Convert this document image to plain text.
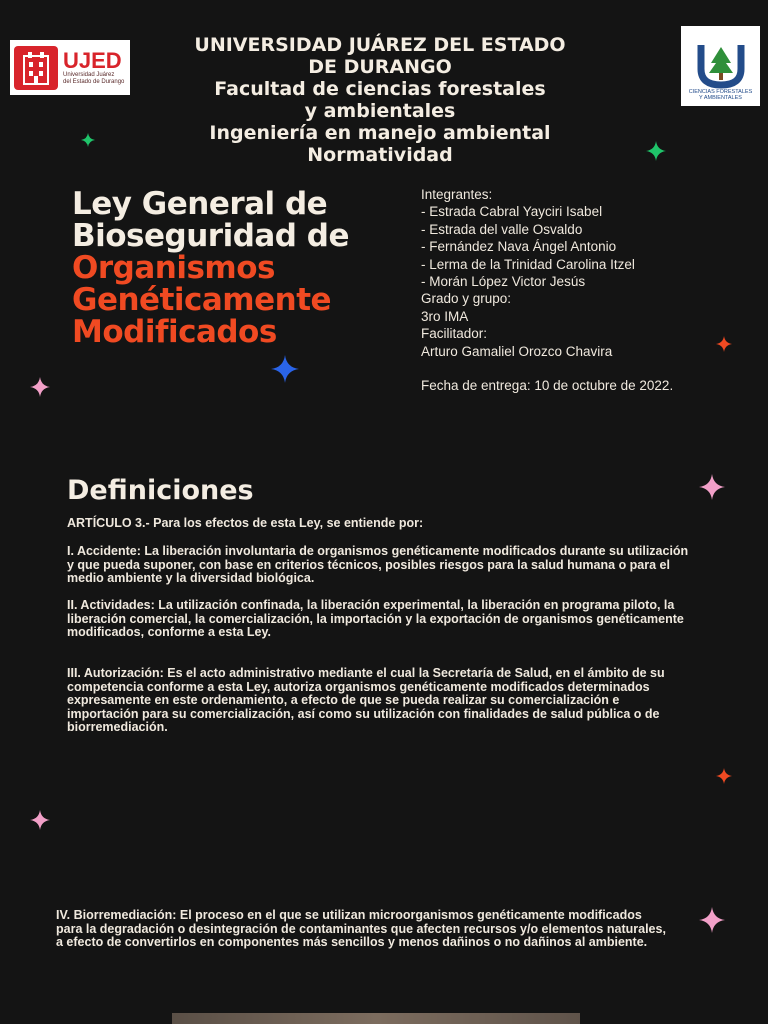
UJED
Universidad Juárez
del Estado de Durango
CIENCIAS FORESTALES
Y AMBIENTALES
UNIVERSIDAD JUÁREZ DEL ESTADO
DE DURANGO
Facultad de ciencias forestales
y ambientales
Ingeniería en manejo ambiental
Normatividad
Ley General de
Bioseguridad de
Organismos
Genéticamente
Modificados
Integrantes:
- Estrada Cabral Yayciri Isabel
- Estrada del valle Osvaldo
- Fernández Nava Ángel Antonio
- Lerma de la Trinidad Carolina Itzel
- Morán López Victor Jesús
Grado y grupo:
3ro IMA
Facilitador:
Arturo Gamaliel Orozco Chavira
Fecha de entrega: 10 de octubre de 2022.
Definiciones
ARTÍCULO 3.- Para los efectos de esta Ley, se entiende por:
I. Accidente: La liberación involuntaria de organismos genéticamente modificados durante su utilización y que pueda suponer, con base en criterios técnicos, posibles riesgos para la salud humana o para el medio ambiente y la diversidad biológica.
II. Actividades: La utilización confinada, la liberación experimental, la liberación en programa piloto, la liberación comercial, la comercialización, la importación y la exportación de organismos genéticamente modificados, conforme a esta Ley.
III. Autorización: Es el acto administrativo mediante el cual la Secretaría de Salud, en el ámbito de su competencia conforme a esta Ley, autoriza organismos genéticamente modificados determinados expresamente en este ordenamiento, a efecto de que se pueda realizar su comercialización e importación para su comercialización, así como su utilización con finalidades de salud pública o de biorremediación.
IV. Biorremediación: El proceso en el que se utilizan microorganismos genéticamente modificados para la degradación o desintegración de contaminantes que afecten recursos y/o elementos naturales, a efecto de convertirlos en componentes más sencillos y menos dañinos o no dañinos al ambiente.
